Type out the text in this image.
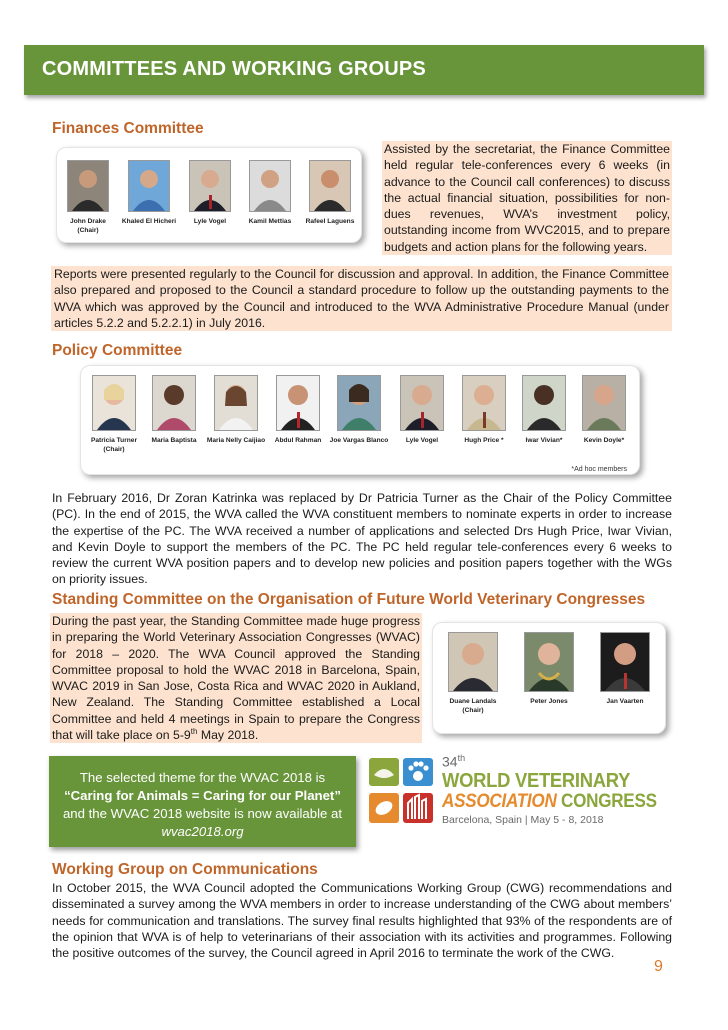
COMMITTEES AND WORKING GROUPS
Finances Committee
John Drake
(Chair)
Khaled El Hicheri	Lyle Vogel	Kamil Mettias	Rafeel Laguens
Assisted by the secretariat, the Finance Committee held regular tele-conferences every 6 weeks (in advance to the Council call conferences) to discuss the actual financial situation, possibilities for non-dues revenues, WVA’s investment policy, outstanding income from WVC2015, and to prepare budgets and action plans for the following years.
Reports were presented regularly to the Council for discussion and approval. In addition, the Finance Committee also prepared and proposed to the Council a standard procedure to follow up the outstanding payments to the WVA which was approved by the Council and introduced to the WVA Administrative Procedure Manual (under articles 5.2.2 and 5.2.2.1) in July 2016.
Policy Committee
Patricia Turner
(Chair)
Maria Baptista	Maria Nelly Caijiao	Abdul Rahman	Joe Vargas Blanco	Lyle Vogel	Hugh Price *	Iwar Vivian*	Kevin Doyle*
*Ad hoc members
In February 2016, Dr Zoran Katrinka was replaced by Dr Patricia Turner as the Chair of the Policy Committee (PC). In the end of 2015, the WVA called the WVA constituent members to nominate experts in order to increase the expertise of the PC. The WVA received a number of applications and selected Drs Hugh Price, Iwar Vivian, and Kevin Doyle to support the members of the PC. The PC held regular tele-conferences every 6 weeks to review the current WVA position papers and to develop new policies and position papers together with the WGs on priority issues.
Standing Committee on the Organisation of Future World Veterinary Congresses
During the past year, the Standing Committee made huge progress in preparing the World Veterinary Association Congresses (WVAC) for 2018 – 2020. The WVA Council approved the Standing Committee proposal to hold the WVAC 2018 in Barcelona, Spain, WVAC 2019 in San Jose, Costa Rica and WVAC 2020 in Aukland, New Zealand. The Standing Committee established a Local Committee and held 4 meetings in Spain to prepare the Congress that will take place on 5-9th May 2018.
Duane Landals
(Chair)
Peter Jones	Jan Vaarten
The selected theme for the WVAC 2018 is
“Caring for Animals = Caring for our Planet”
and the WVAC 2018 website is now available at
wvac2018.org
34th
WORLD VETERINARY
ASSOCIATION CONGRESS
Barcelona, Spain | May 5 - 8, 2018
Working Group on Communications
In October 2015, the WVA Council adopted the Communications Working Group (CWG) recommendations and disseminated a survey among the WVA members in order to increase understanding of the CWG about members’ needs for communication and translations. The survey final results highlighted that 93% of the respondents are of the opinion that WVA is of help to veterinarians of their association with its activities and programmes. Following the positive outcomes of the survey, the Council agreed in April 2016 to terminate the work of the CWG.
9
